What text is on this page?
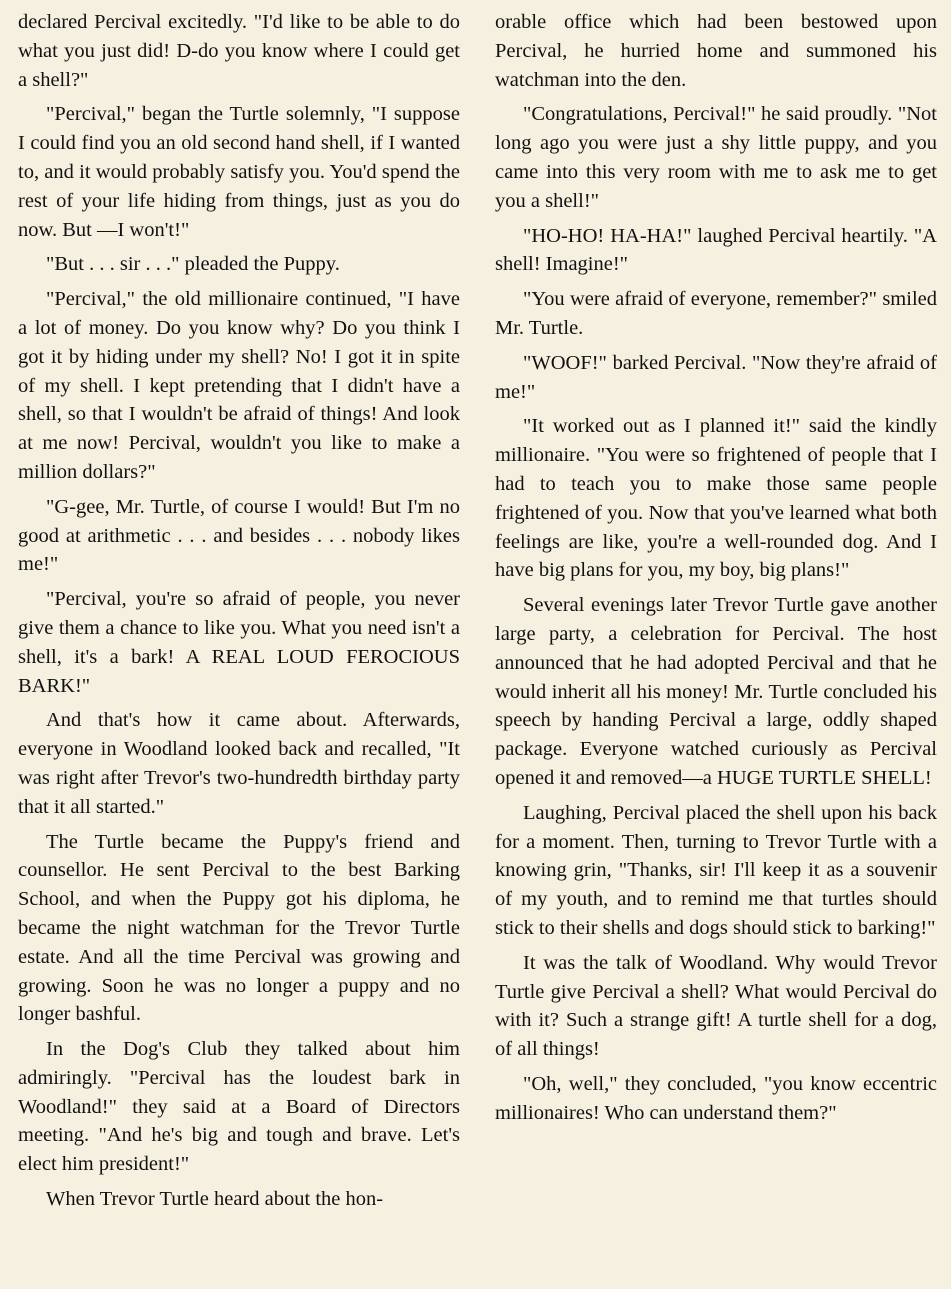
declared Percival excitedly. "I'd like to be able to do what you just did! D-do you know where I could get a shell?"

"Percival," began the Turtle solemnly, "I suppose I could find you an old second hand shell, if I wanted to, and it would probably satisfy you. You'd spend the rest of your life hiding from things, just as you do now. But —I won't!"

"But . . . sir . . ." pleaded the Puppy.

"Percival," the old millionaire continued, "I have a lot of money. Do you know why? Do you think I got it by hiding under my shell? No! I got it in spite of my shell. I kept pretending that I didn't have a shell, so that I wouldn't be afraid of things! And look at me now! Percival, wouldn't you like to make a million dollars?"

"G-gee, Mr. Turtle, of course I would! But I'm no good at arithmetic . . . and besides . . . nobody likes me!"

"Percival, you're so afraid of people, you never give them a chance to like you. What you need isn't a shell, it's a bark! A REAL LOUD FEROCIOUS BARK!"

And that's how it came about. Afterwards, everyone in Woodland looked back and recalled, "It was right after Trevor's two-hundredth birthday party that it all started."

The Turtle became the Puppy's friend and counsellor. He sent Percival to the best Barking School, and when the Puppy got his diploma, he became the night watchman for the Trevor Turtle estate. And all the time Percival was growing and growing. Soon he was no longer a puppy and no longer bashful.

In the Dog's Club they talked about him admiringly. "Percival has the loudest bark in Woodland!" they said at a Board of Directors meeting. "And he's big and tough and brave. Let's elect him president!"

When Trevor Turtle heard about the hon-

orable office which had been bestowed upon Percival, he hurried home and summoned his watchman into the den.

"Congratulations, Percival!" he said proudly. "Not long ago you were just a shy little puppy, and you came into this very room with me to ask me to get you a shell!"

"HO-HO! HA-HA!" laughed Percival heartily. "A shell! Imagine!"

"You were afraid of everyone, remember?" smiled Mr. Turtle.

"WOOF!" barked Percival. "Now they're afraid of me!"

"It worked out as I planned it!" said the kindly millionaire. "You were so frightened of people that I had to teach you to make those same people frightened of you. Now that you've learned what both feelings are like, you're a well-rounded dog. And I have big plans for you, my boy, big plans!"

Several evenings later Trevor Turtle gave another large party, a celebration for Percival. The host announced that he had adopted Percival and that he would inherit all his money! Mr. Turtle concluded his speech by handing Percival a large, oddly shaped package. Everyone watched curiously as Percival opened it and removed—a HUGE TURTLE SHELL!

Laughing, Percival placed the shell upon his back for a moment. Then, turning to Trevor Turtle with a knowing grin, "Thanks, sir! I'll keep it as a souvenir of my youth, and to remind me that turtles should stick to their shells and dogs should stick to barking!"

It was the talk of Woodland. Why would Trevor Turtle give Percival a shell? What would Percival do with it? Such a strange gift! A turtle shell for a dog, of all things!

"Oh, well," they concluded, "you know eccentric millionaires! Who can understand them?"
